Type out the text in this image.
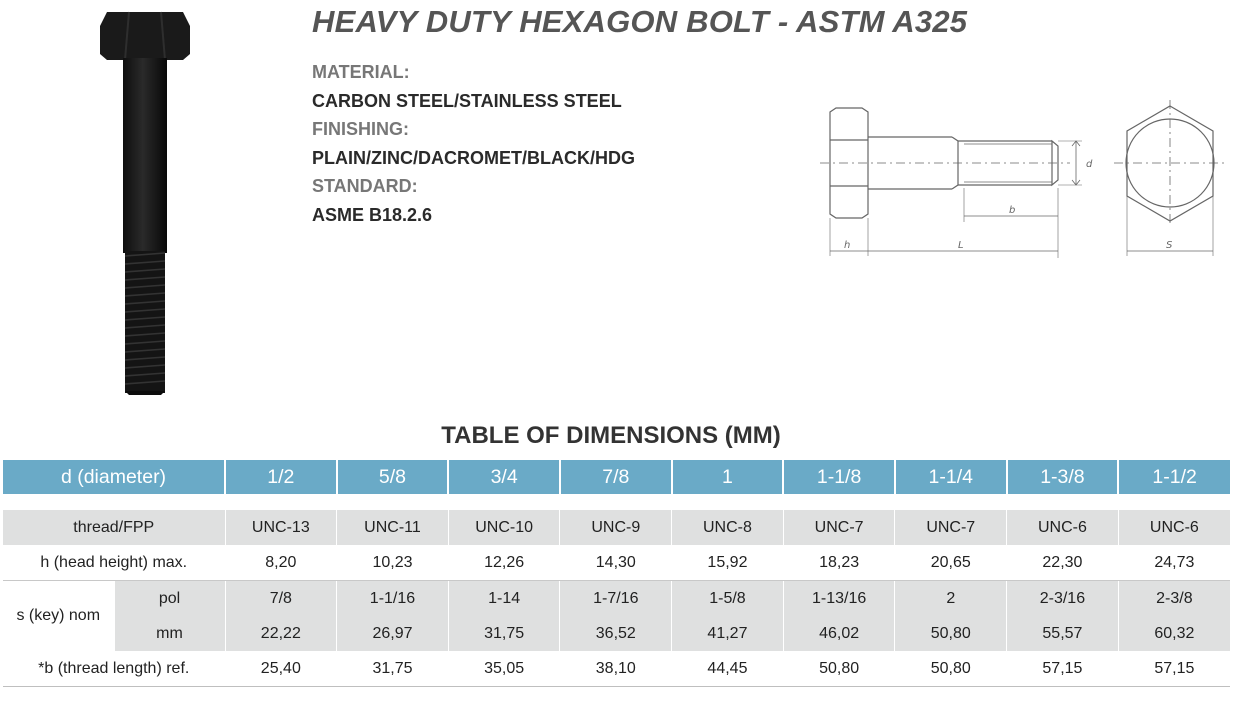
HEAVY DUTY HEXAGON BOLT - ASTM A325
MATERIAL:
CARBON STEEL/STAINLESS STEEL
FINISHING:
PLAIN/ZINC/DACROMET/BLACK/HDG
STANDARD:
ASME B18.2.6
d
b
h	L	S
TABLE OF DIMENSIONS (MM)
d (diameter)		1/2	5/8	3/4	7/8	1	1-1/8	1-1/4	1-3/8	1-1/2

thread/FPP		UNC-13	UNC-11	UNC-10	UNC-9	UNC-8	UNC-7	UNC-7	UNC-6	UNC-6
h (head height) max.		8,20	10,23	12,26	14,30	15,92	18,23	20,65	22,30	24,73
s (key) nom	pol	7/8	1-1/16	1-14	1-7/16	1-5/8	1-13/16	2	2-3/16	2-3/8
	mm	22,22	26,97	31,75	36,52	41,27	46,02	50,80	55,57	60,32
*b (thread length) ref.		25,40	31,75	35,05	38,10	44,45	50,80	50,80	57,15	57,15
